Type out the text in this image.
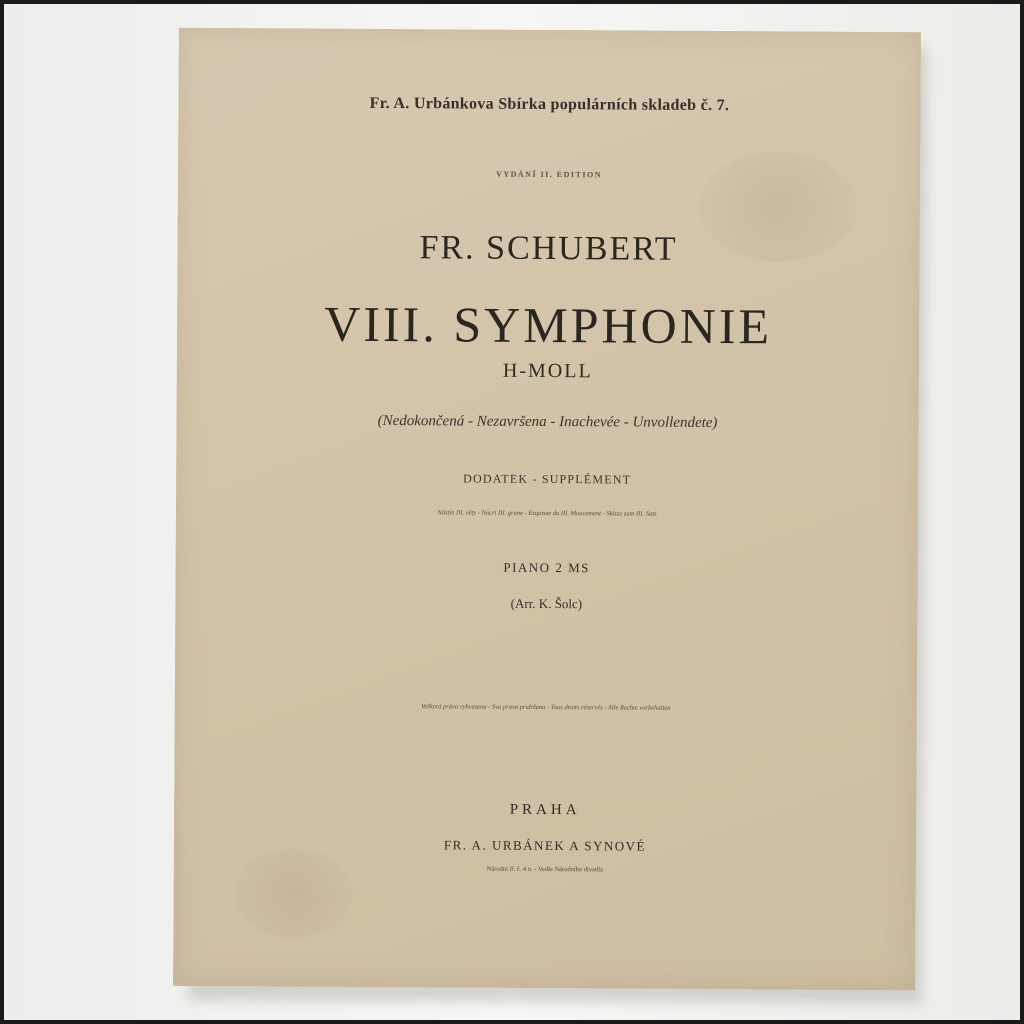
Fr. A. Urbánkova Sbírka populárních skladeb č. 7.
VYDÁNÍ II. EDITION
FR. SCHUBERT
VIII. SYMPHONIE
H-MOLL
(Nedokončená - Nezavršena - Inachevée - Unvollendete)
DODATEK - SUPPLÉMENT
Nástin III. věty - Nacrt III. grane - Esquisse du III. Mouvement - Skizze zum III. Satz
PIANO 2 MS
(Arr. K. Šolc)
Veškerá práva vyhrazena - Sva prava pridržana - Tous droits réservés - Alle Rechte vorbehalten
PRAHA
FR. A. URBÁNEK A SYNOVÉ
Národní tř. č. 4 n. - Vedle Národního divadla
